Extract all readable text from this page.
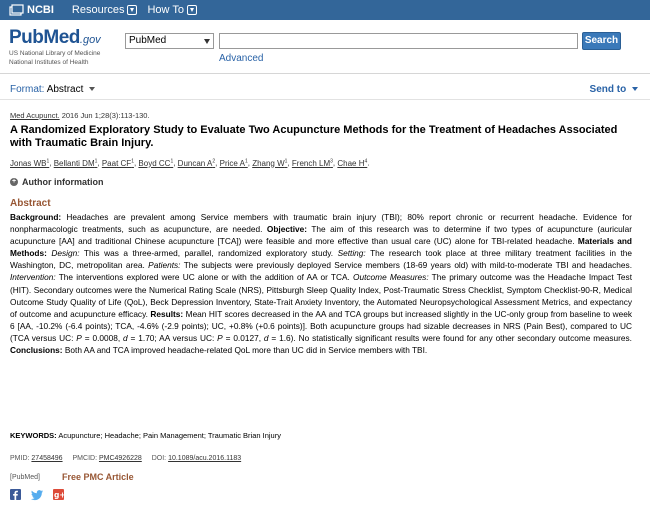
NCBI Resources How To
PubMed.gov
US National Library of Medicine
National Institutes of Health
PubMed	Search
Advanced
Format: Abstract	Send to
Med Acupunct. 2016 Jun 1;28(3):113-130.
A Randomized Exploratory Study to Evaluate Two Acupuncture Methods for the Treatment of Headaches Associated with Traumatic Brain Injury.
Jonas $WB^1$, Bellanti $DM^1$, Paat $CF^1$, Boyd $CC^1$, Duncan $A^2$, Price $A^1$, Zhang $W^1$, French $LM^3$, Chae $H^4$.
+ Author information
Abstract
Background: Headaches are prevalent among Service members with traumatic brain injury (TBI); 80% report chronic or recurrent headache. Evidence for nonpharmacologic treatments, such as acupuncture, are needed. Objective: The aim of this research was to determine if two types of acupuncture (auricular acupuncture [AA] and traditional Chinese acupuncture [TCA]) were feasible and more effective than usual care (UC) alone for TBI-related headache. Materials and Methods: Design: This was a three-armed, parallel, randomized exploratory study. Setting: The research took place at three military treatment facilities in the Washington, DC, metropolitan area. Patients: The subjects were previously deployed Service members (18-69 years old) with mild-to-moderate TBI and headaches. Intervention: The interventions explored were UC alone or with the addition of AA or TCA. Outcome Measures: The primary outcome was the Headache Impact Test (HIT). Secondary outcomes were the Numerical Rating Scale (NRS), Pittsburgh Sleep Quality Index, Post-Traumatic Stress Checklist, Symptom Checklist-90-R, Medical Outcome Study Quality of Life (QoL), Beck Depression Inventory, State-Trait Anxiety Inventory, the Automated Neuropsychological Assessment Metrics, and expectancy of outcome and acupuncture efficacy. Results: Mean HIT scores decreased in the AA and TCA groups but increased slightly in the UC-only group from baseline to week 6 [AA, -10.2% (-6.4 points); TCA, -4.6% (-2.9 points); UC, +0.8% (+0.6 points)]. Both acupuncture groups had sizable decreases in NRS (Pain Best), compared to UC (TCA versus UC: P = 0.0008, d = 1.70; AA versus UC: P = 0.0127, d = 1.6). No statistically significant results were found for any other secondary outcome measures. Conclusions: Both AA and TCA improved headache-related QoL more than UC did in Service members with TBI.
KEYWORDS: Acupuncture; Headache; Pain Management; Traumatic Brian Injury
PMID: 27458496 PMCID: PMC4926228 DOI: 10.1089/acu.2016.1183
[PubMed] Free PMC Article
g+
